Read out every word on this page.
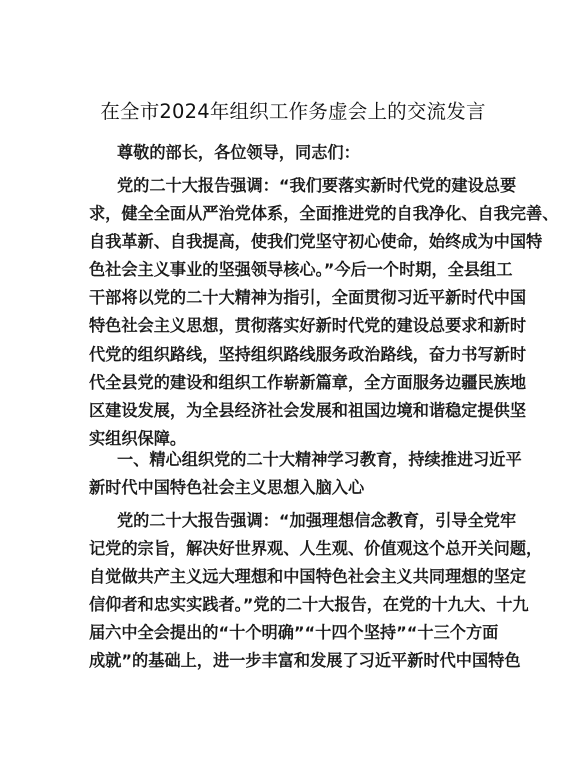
在全市2024年组织工作务虚会上的交流发言
尊敬的部长，各位领导，同志们：
党的二十大报告强调：“我们要落实新时代党的建设总要
求，健全全面从严治党体系，全面推进党的自我净化、自我完善、
自我革新、自我提高，使我们党坚守初心使命，始终成为中国特
色社会主义事业的坚强领导核心。”今后一个时期，全县组工
干部将以党的二十大精神为指引，全面贯彻习近平新时代中国
特色社会主义思想，贯彻落实好新时代党的建设总要求和新时
代党的组织路线，坚持组织路线服务政治路线，奋力书写新时
代全县党的建设和组织工作崭新篇章，全方面服务边疆民族地
区建设发展，为全县经济社会发展和祖国边境和谐稳定提供坚
实组织保障。
一、精心组织党的二十大精神学习教育，持续推进习近平
新时代中国特色社会主义思想入脑入心
党的二十大报告强调：“加强理想信念教育，引导全党牢
记党的宗旨，解决好世界观、人生观、价值观这个总开关问题，
自觉做共产主义远大理想和中国特色社会主义共同理想的坚定
信仰者和忠实实践者。”党的二十大报告，在党的十九大、十九
届六中全会提出的“十个明确”“十四个坚持”“十三个方面
成就”的基础上，进一步丰富和发展了习近平新时代中国特色
